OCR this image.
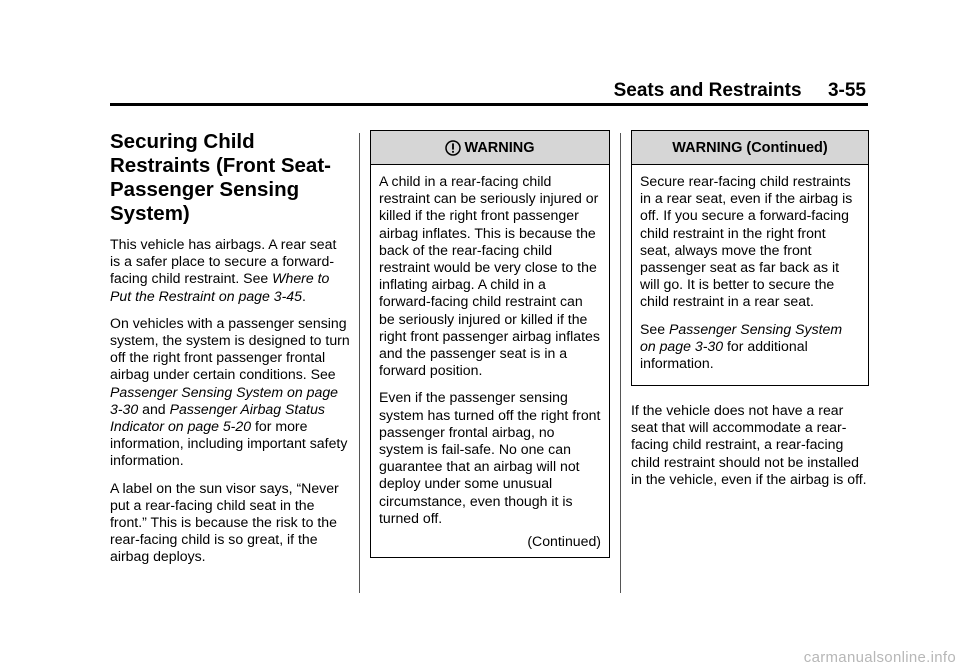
Seats and Restraints 3-55
Securing Child Restraints (Front Seat-Passenger Sensing System)

This vehicle has airbags. A rear seat is a safer place to secure a forward-facing child restraint. See Where to Put the Restraint on page 3-45.

On vehicles with a passenger sensing system, the system is designed to turn off the right front passenger frontal airbag under certain conditions. See Passenger Sensing System on page 3-30 and Passenger Airbag Status Indicator on page 5-20 for more information, including important safety information.

A label on the sun visor says, “Never put a rear-facing child seat in the front.” This is because the risk to the rear-facing child is so great, if the airbag deploys.

WARNING

A child in a rear-facing child restraint can be seriously injured or killed if the right front passenger airbag inflates. This is because the back of the rear-facing child restraint would be very close to the inflating airbag. A child in a forward-facing child restraint can be seriously injured or killed if the right front passenger airbag inflates and the passenger seat is in a forward position.

Even if the passenger sensing system has turned off the right front passenger frontal airbag, no system is fail-safe. No one can guarantee that an airbag will not deploy under some unusual circumstance, even though it is turned off.

(Continued)
WARNING (Continued)

Secure rear-facing child restraints in a rear seat, even if the airbag is off. If you secure a forward-facing child restraint in the right front seat, always move the front passenger seat as far back as it will go. It is better to secure the child restraint in a rear seat.

See Passenger Sensing System on page 3-30 for additional information.

If the vehicle does not have a rear seat that will accommodate a rear-facing child restraint, a rear-facing child restraint should not be installed in the vehicle, even if the airbag is off.

carmanualsonline.info
